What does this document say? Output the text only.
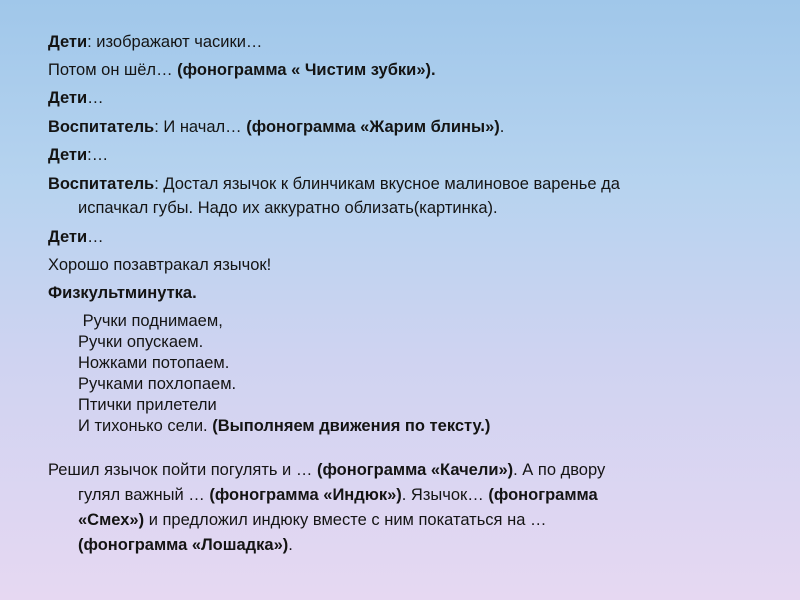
Дети: изображают часики…
Потом он шёл… (фонограмма « Чистим зубки»).
Дети…
Воспитатель: И начал… (фонограмма «Жарим блины»).
Дети:…
Воспитатель: Достал язычок к блинчикам вкусное малиновое варенье да
испачкал губы. Надо их аккуратно облизать(картинка).
Дети…
Хорошо позавтракал язычок!
Физкультминутка.
Ручки поднимаем,
Ручки опускаем.
Ножками потопаем.
Ручками похлопаем.
Птички прилетели
И тихонько сели. (Выполняем движения по тексту.)
Решил язычок пойти погулять и … (фонограмма «Качели»). А по двору
гулял важный … (фонограмма «Индюк»). Язычок… (фонограмма
«Смех») и предложил индюку вместе с ним покататься на …
(фонограмма «Лошадка»).
